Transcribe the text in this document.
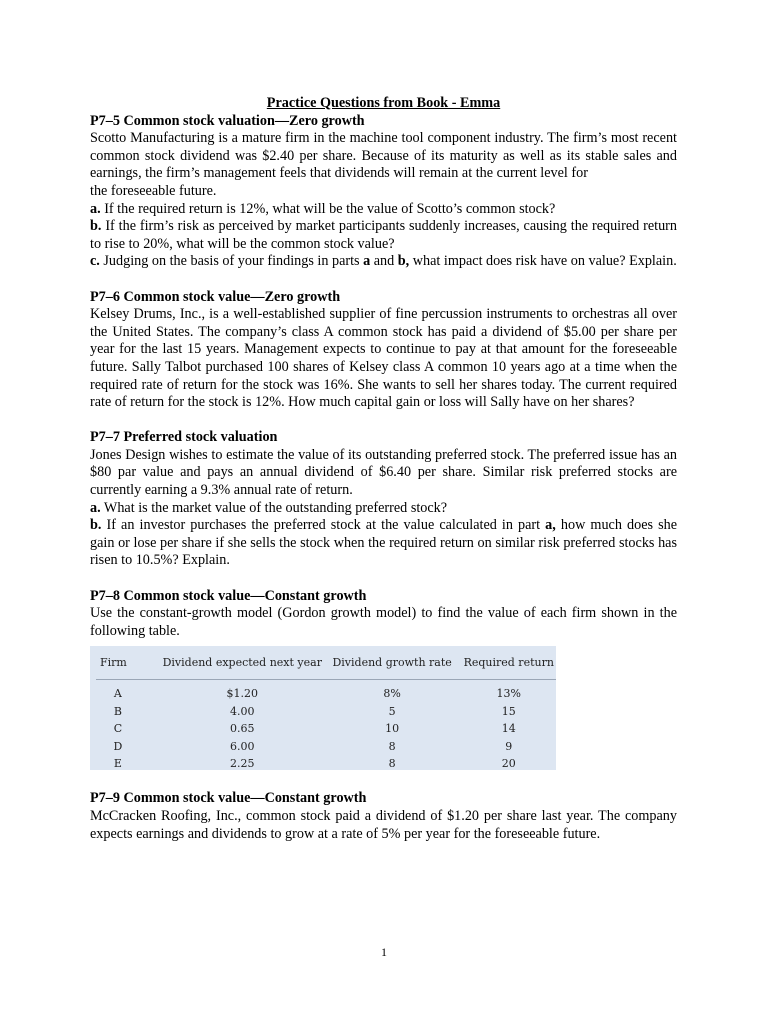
Practice Questions from Book - Emma

P7–5 Common stock valuation—Zero growth

Scotto Manufacturing is a mature firm in the machine tool component industry. The firm’s most recent common stock dividend was $2.40 per share. Because of its maturity as well as its stable sales and earnings, the firm’s management feels that dividends will remain at the current level for

the foreseeable future.

a. If the required return is 12%, what will be the value of Scotto’s common stock?

b. If the firm’s risk as perceived by market participants suddenly increases, causing the required return to rise to 20%, what will be the common stock value?

c. Judging on the basis of your findings in parts a and b, what impact does risk have on value? Explain.

P7–6 Common stock value—Zero growth

Kelsey Drums, Inc., is a well-established supplier of fine percussion instruments to orchestras all over the United States. The company’s class A common stock has paid a dividend of $5.00 per share per year for the last 15 years. Management expects to continue to pay at that amount for the foreseeable future. Sally Talbot purchased 100 shares of Kelsey class A common 10 years ago at a time when the required rate of return for the stock was 16%. She wants to sell her shares today. The current required rate of return for the stock is 12%. How much capital gain or loss will Sally have on her shares?

P7–7 Preferred stock valuation

Jones Design wishes to estimate the value of its outstanding preferred stock. The preferred issue has an $80 par value and pays an annual dividend of $6.40 per share. Similar risk preferred stocks are currently earning a 9.3% annual rate of return.

a. What is the market value of the outstanding preferred stock?

b. If an investor purchases the preferred stock at the value calculated in part a, how much does she gain or lose per share if she sells the stock when the required return on similar risk preferred stocks has risen to 10.5%? Explain.

P7–8 Common stock value—Constant growth

Use the constant-growth model (Gordon growth model) to find the value of each firm shown in the following table.

Firm	Dividend expected next year	Dividend growth rate	Required return
A	$1.20	8%	13%
B	4.00	5	15
C	0.65	10	14
D	6.00	8	9
E	2.25	8	20

P7–9 Common stock value—Constant growth

McCracken Roofing, Inc., common stock paid a dividend of $1.20 per share last year. The company expects earnings and dividends to grow at a rate of 5% per year for the foreseeable future.

1
